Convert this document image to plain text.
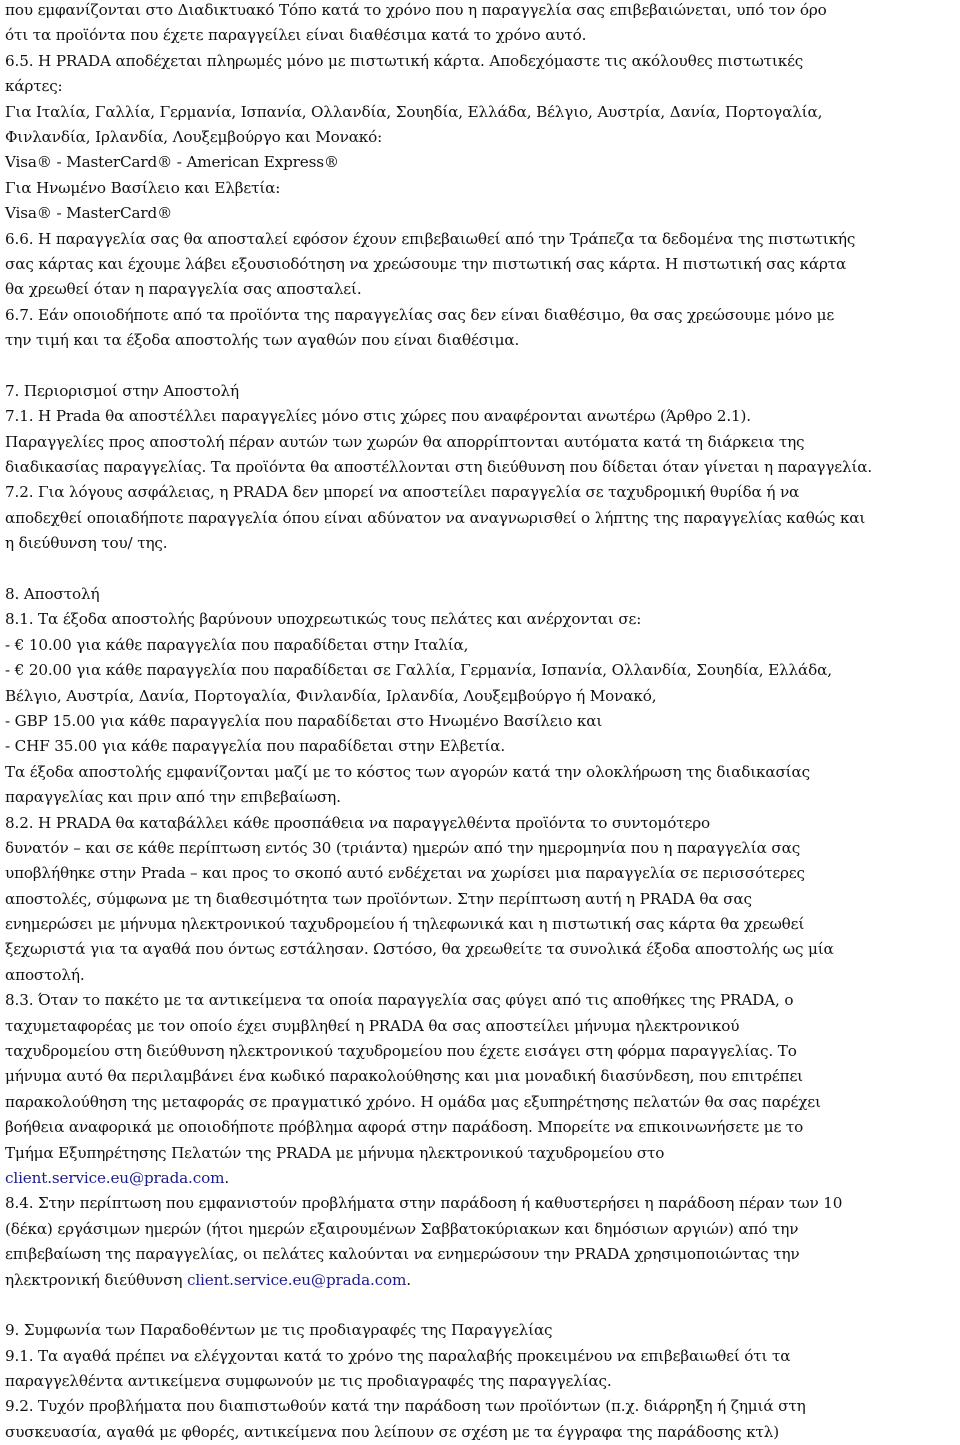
που εμφανίζονται στο Διαδικτυακό Τόπο κατά το χρόνο που η παραγγελία σας επιβεβαιώνεται, υπό τον όρο
ότι τα προϊόντα που έχετε παραγγείλει είναι διαθέσιμα κατά το χρόνο αυτό.
6.5. Η PRADA αποδέχεται πληρωμές μόνο με πιστωτική κάρτα. Αποδεχόμαστε τις ακόλουθες πιστωτικές
κάρτες:
Για Ιταλία, Γαλλία, Γερμανία, Ισπανία, Ολλανδία, Σουηδία, Ελλάδα, Βέλγιο, Αυστρία, Δανία, Πορτογαλία,
Φινλανδία, Ιρλανδία, Λουξεμβούργο και Μονακό:
Visa® - MasterCard® - American Express®
Για Ηνωμένο Βασίλειο και Ελβετία:
Visa® - MasterCard®
6.6. Η παραγγελία σας θα αποσταλεί εφόσον έχουν επιβεβαιωθεί από την Τράπεζα τα δεδομένα της πιστωτικής
σας κάρτας και έχουμε λάβει εξουσιοδότηση να χρεώσουμε την πιστωτική σας κάρτα. Η πιστωτική σας κάρτα
θα χρεωθεί όταν η παραγγελία σας αποσταλεί.
6.7. Εάν οποιοδήποτε από τα προϊόντα της παραγγελίας σας δεν είναι διαθέσιμο, θα σας χρεώσουμε μόνο με
την τιμή και τα έξοδα αποστολής των αγαθών που είναι διαθέσιμα.
7. Περιορισμοί στην Αποστολή
7.1. Η Prada θα αποστέλλει παραγγελίες μόνο στις χώρες που αναφέρονται ανωτέρω (Άρθρο 2.1).
Παραγγελίες προς αποστολή πέραν αυτών των χωρών θα απορρίπτονται αυτόματα κατά τη διάρκεια της
διαδικασίας παραγγελίας. Τα προϊόντα θα αποστέλλονται στη διεύθυνση που δίδεται όταν γίνεται η παραγγελία.
7.2. Για λόγους ασφάλειας, η PRADA δεν μπορεί να αποστείλει παραγγελία σε ταχυδρομική θυρίδα ή να
αποδεχθεί οποιαδήποτε παραγγελία όπου είναι αδύνατον να αναγνωρισθεί ο λήπτης της παραγγελίας καθώς και
η διεύθυνση του/ της.
8. Αποστολή
8.1. Τα έξοδα αποστολής βαρύνουν υποχρεωτικώς τους πελάτες και ανέρχονται σε:
- € 10.00 για κάθε παραγγελία που παραδίδεται στην Ιταλία,
- € 20.00 για κάθε παραγγελία που παραδίδεται σε Γαλλία, Γερμανία, Ισπανία, Ολλανδία, Σουηδία, Ελλάδα,
Βέλγιο, Αυστρία, Δανία, Πορτογαλία, Φινλανδία, Ιρλανδία, Λουξεμβούργο ή Μονακό,
- GBP 15.00 για κάθε παραγγελία που παραδίδεται στο Ηνωμένο Βασίλειο και
- CHF 35.00 για κάθε παραγγελία που παραδίδεται στην Ελβετία.
Τα έξοδα αποστολής εμφανίζονται μαζί με το κόστος των αγορών κατά την ολοκλήρωση της διαδικασίας
παραγγελίας και πριν από την επιβεβαίωση.
8.2. Η PRADA θα καταβάλλει κάθε προσπάθεια να παραγγελθέντα προϊόντα το συντομότερο
δυνατόν – και σε κάθε περίπτωση εντός 30 (τριάντα) ημερών από την ημερομηνία που η παραγγελία σας
υποβλήθηκε στην Prada – και προς το σκοπό αυτό ενδέχεται να χωρίσει μια παραγγελία σε περισσότερες
αποστολές, σύμφωνα με τη διαθεσιμότητα των προϊόντων. Στην περίπτωση αυτή η PRADA θα σας
ενημερώσει με μήνυμα ηλεκτρονικού ταχυδρομείου ή τηλεφωνικά και η πιστωτική σας κάρτα θα χρεωθεί
ξεχωριστά για τα αγαθά που όντως εστάλησαν. Ωστόσο, θα χρεωθείτε τα συνολικά έξοδα αποστολής ως μία
αποστολή.
8.3. Όταν το πακέτο με τα αντικείμενα τα οποία παραγγελία σας φύγει από τις αποθήκες της PRADA, ο
ταχυμεταφορέας με τον οποίο έχει συμβληθεί η PRADA θα σας αποστείλει μήνυμα ηλεκτρονικού
ταχυδρομείου στη διεύθυνση ηλεκτρονικού ταχυδρομείου που έχετε εισάγει στη φόρμα παραγγελίας. Το
μήνυμα αυτό θα περιλαμβάνει ένα κωδικό παρακολούθησης και μια μοναδική διασύνδεση, που επιτρέπει
παρακολούθηση της μεταφοράς σε πραγματικό χρόνο. Η ομάδα μας εξυπηρέτησης πελατών θα σας παρέχει
βοήθεια αναφορικά με οποιοδήποτε πρόβλημα αφορά στην παράδοση. Μπορείτε να επικοινωνήσετε με το
Τμήμα Εξυπηρέτησης Πελατών της PRADA με μήνυμα ηλεκτρονικού ταχυδρομείου στο
client.service.eu@prada.com.
8.4. Στην περίπτωση που εμφανιστούν προβλήματα στην παράδοση ή καθυστερήσει η παράδοση πέραν των 10
(δέκα) εργάσιμων ημερών (ήτοι ημερών εξαιρουμένων Σαββατοκύριακων και δημόσιων αργιών) από την
επιβεβαίωση της παραγγελίας, οι πελάτες καλούνται να ενημερώσουν την PRADA χρησιμοποιώντας την
ηλεκτρονική διεύθυνση client.service.eu@prada.com.
9. Συμφωνία των Παραδοθέντων με τις προδιαγραφές της Παραγγελίας
9.1. Τα αγαθά πρέπει να ελέγχονται κατά το χρόνο της παραλαβής προκειμένου να επιβεβαιωθεί ότι τα
παραγγελθέντα αντικείμενα συμφωνούν με τις προδιαγραφές της παραγγελίας.
9.2. Τυχόν προβλήματα που διαπιστωθούν κατά την παράδοση των προϊόντων (π.χ. διάρρηξη ή ζημιά στη
συσκευασία, αγαθά με φθορές, αντικείμενα που λείπουν σε σχέση με τα έγγραφα της παράδοσης κτλ)
